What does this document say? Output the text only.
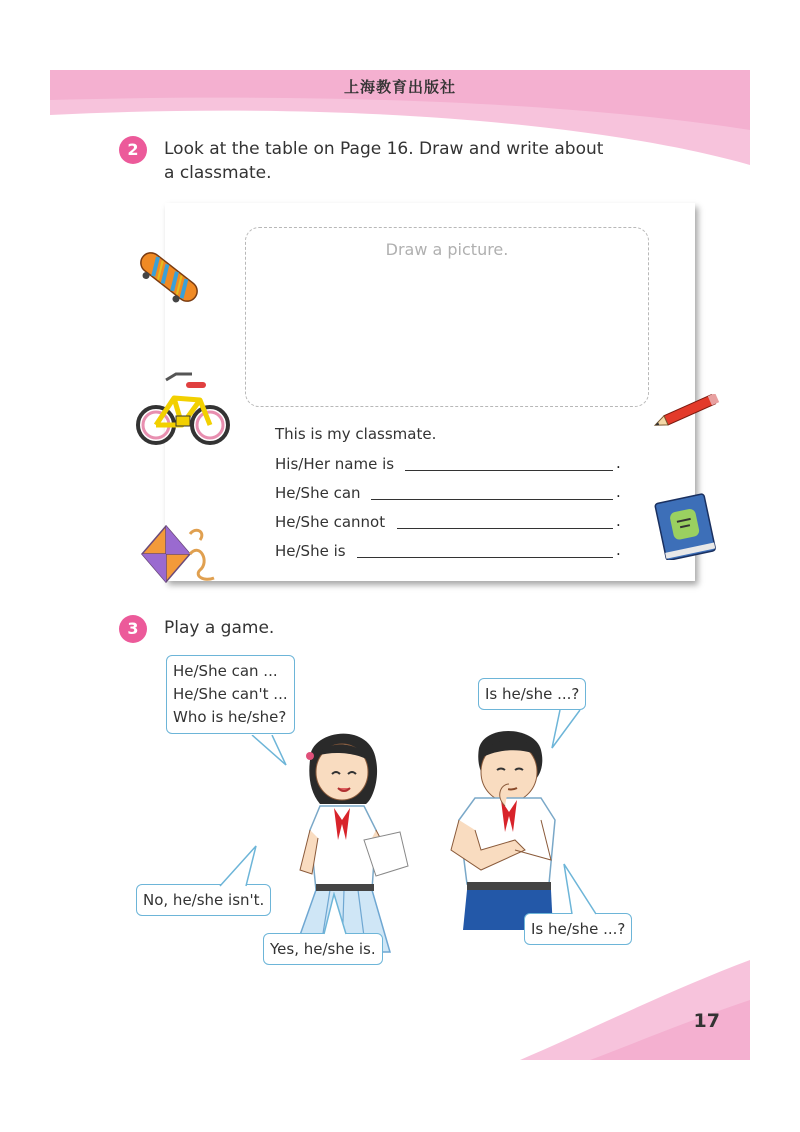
上海教育出版社
2	Look at the table on Page 16. Draw and write about
a classmate.
Draw a picture.
This is my classmate.
His/Her name is	.
He/She can	.
He/She cannot	.
He/She is	.
3	Play a game.
He/She can ...
He/She can't ...
Who is he/she?
Is he/she ...?
No, he/she isn't.
Yes, he/she is.
Is he/she ...?
17
